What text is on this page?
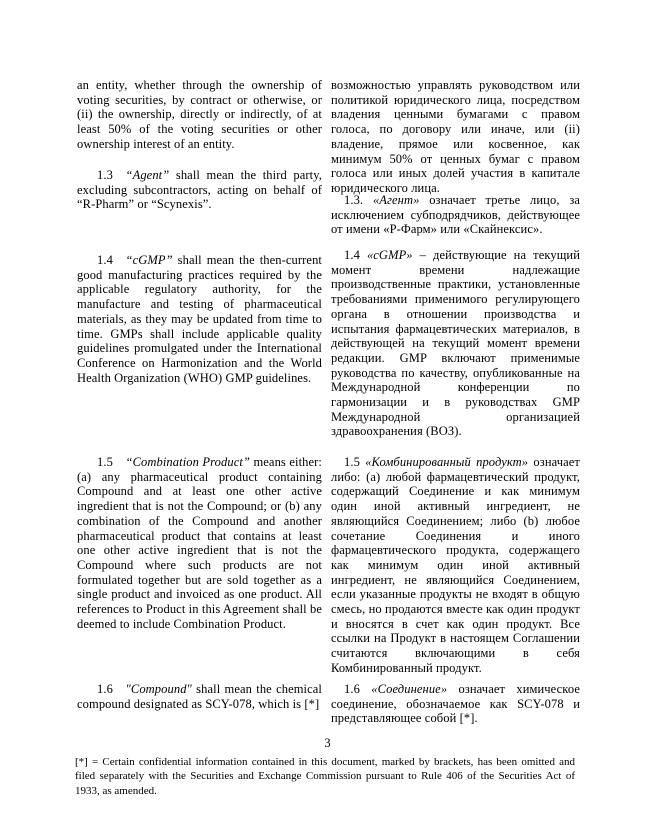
an entity, whether through the ownership of voting securities, by contract or otherwise, or (ii) the ownership, directly or indirectly, of at least 50% of the voting securities or other ownership interest of an entity.

1.3 “Agent” shall mean the third party, excluding subcontractors, acting on behalf of “R-Pharm” or “Scynexis”.

1.4 “cGMP” shall mean the then-current good manufacturing practices required by the applicable regulatory authority, for the manufacture and testing of pharmaceutical materials, as they may be updated from time to time. GMPs shall include applicable quality guidelines promulgated under the International Conference on Harmonization and the World Health Organization (WHO) GMP guidelines.

1.5 “Combination Product” means either: (a) any pharmaceutical product containing Compound and at least one other active ingredient that is not the Compound; or (b) any combination of the Compound and another pharmaceutical product that contains at least one other active ingredient that is not the Compound where such products are not formulated together but are sold together as a single product and invoiced as one product. All references to Product in this Agreement shall be deemed to include Combination Product.

1.6 "Compound" shall mean the chemical compound designated as SCY-078, which is [*]

возможностью управлять руководством или политикой юридического лица, посредством владения ценными бумагами с правом голоса, по договору или иначе, или (ii) владение, прямое или косвенное, как минимум 50% от ценных бумаг с правом голоса или иных долей участия в капитале юридического лица.

1.3. «Агент» означает третье лицо, за исключением субподрядчиков, действующее от имени «Р-Фарм» или «Скайнексис».

1.4 «cGMP» – действующие на текущий момент времени надлежащие производственные практики, установленные требованиями применимого регулирующего органа в отношении производства и испытания фармацевтических материалов, в действующей на текущий момент времени редакции. GMP включают применимые руководства по качеству, опубликованные на Международной конференции по гармонизации и в руководствах GMP Международной организацией здравоохранения (ВОЗ).

1.5 «Комбинированный продукт» означает либо: (а) любой фармацевтический продукт, содержащий Соединение и как минимум один иной активный ингредиент, не являющийся Соединением; либо (b) любое сочетание Соединения и иного фармацевтического продукта, содержащего как минимум один иной активный ингредиент, не являющийся Соединением, если указанные продукты не входят в общую смесь, но продаются вместе как один продукт и вносятся в счет как один продукт. Все ссылки на Продукт в настоящем Соглашении считаются включающими в себя Комбинированный продукт.

1.6 «Соединение» означает химическое соединение, обозначаемое как SCY-078 и представляющее собой [*].

3

[*] = Certain confidential information contained in this document, marked by brackets, has been omitted and filed separately with the Securities and Exchange Commission pursuant to Rule 406 of the Securities Act of 1933, as amended.
